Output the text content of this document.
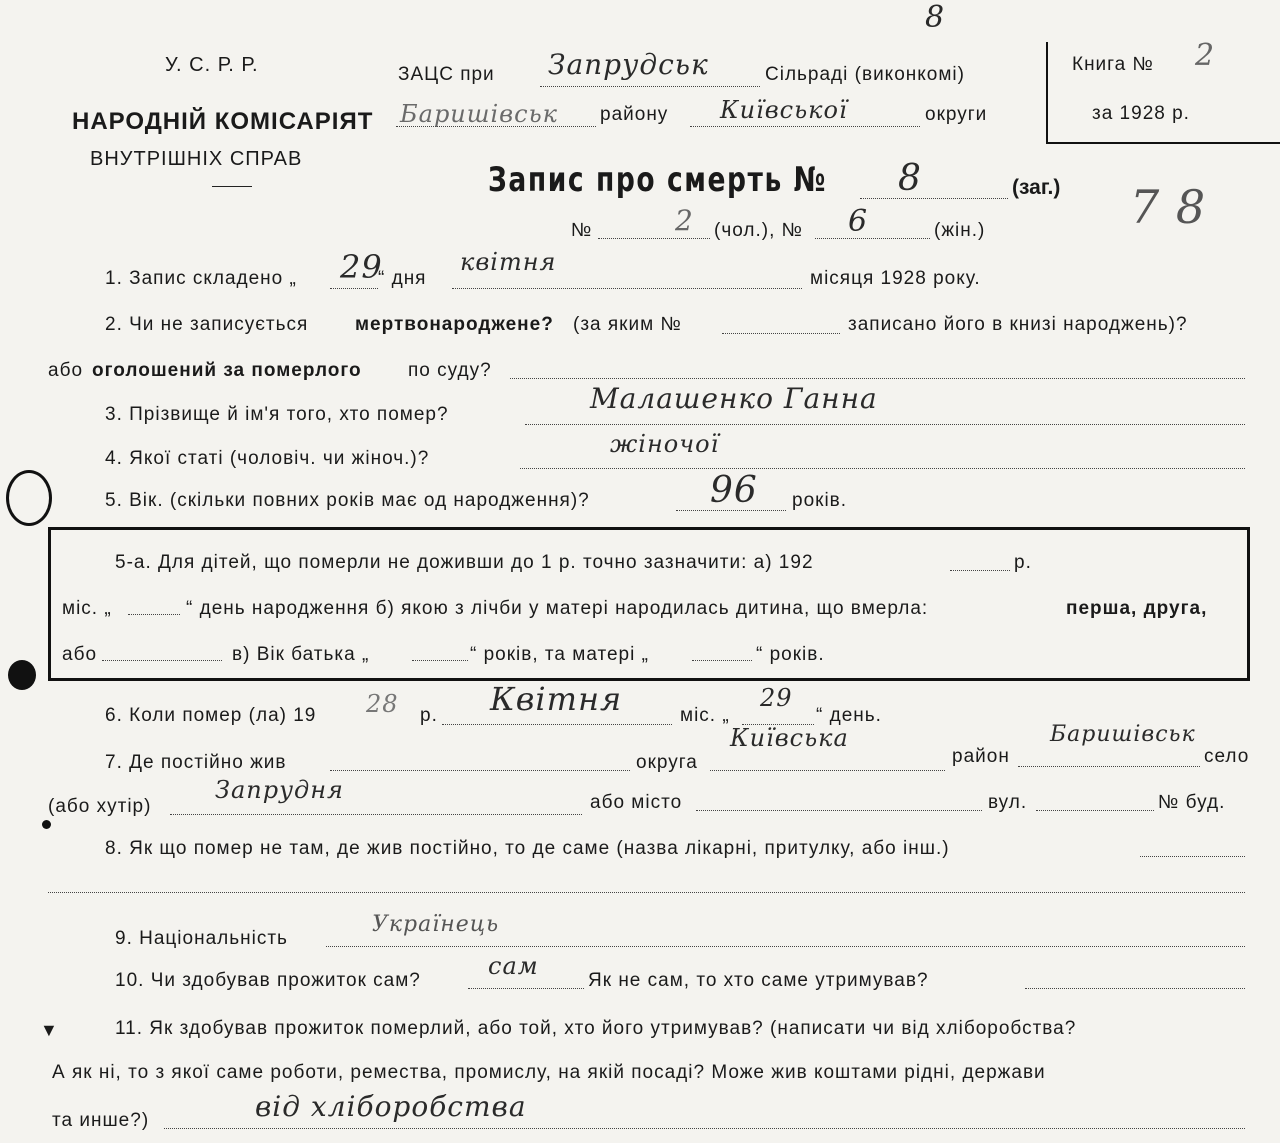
▼
У. С. Р. Р.
НАРОДНІЙ КОМІСАРІЯТ
ВНУТРІШНІХ СПРАВ
ЗАЦС при Запрудськ	Сільраді (виконкомі)
Баришівськ району Київської	округи
8
7 8
Книга № 2
за 1928 р.
Запис про смерть № 8	(заг.)
№	2 (чол.), № 6	(жін.)
1. Запис складено „ 29
“ дня
квітня
місяця 1928 року.
2. Чи не записується мертвонароджене? (за яким №	записано його в книзі народжень)?
або оголошений за померлого по суду?
3. Прізвище й ім'я того, хто помер?	Малашенко Ганна
4. Якої статі (чоловіч. чи жіноч.)?
жіночої
5. Вік. (скільки повних років має од народження)?	96 років.
5-а. Для дітей, що померли не доживши до 1 р. точно зазначити: а) 192	р.
міс. „	“ день народження б) якою з лічби у матері народилась дитина, що вмерла:	перша, друга,
або	в) Вік батька „	“ років, та матері „	“ років.
6. Коли помер (ла) 19 28 р. Квітня	міс. „
29
“ день.
7. Де постійно жив	округа
Київська
район
Баришівськ
село
(або хутір)
Запрудня	або місто	вул.	№ буд.
8. Як що помер не там, де жив постійно, то де саме (назва лікарні, притулку, або інш.)
9. Національність
Українець
10. Чи здобував прожиток сам?
сам
Як не сам, то хто саме утримував?
11. Як здобував прожиток померлий, або той, хто його утримував? (написати чи від хліборобства?
А як ні, то з якої саме роботи, ремества, промислу, на якій посаді? Може жив коштами рідні, держави
та инше?)	від хліборобства
